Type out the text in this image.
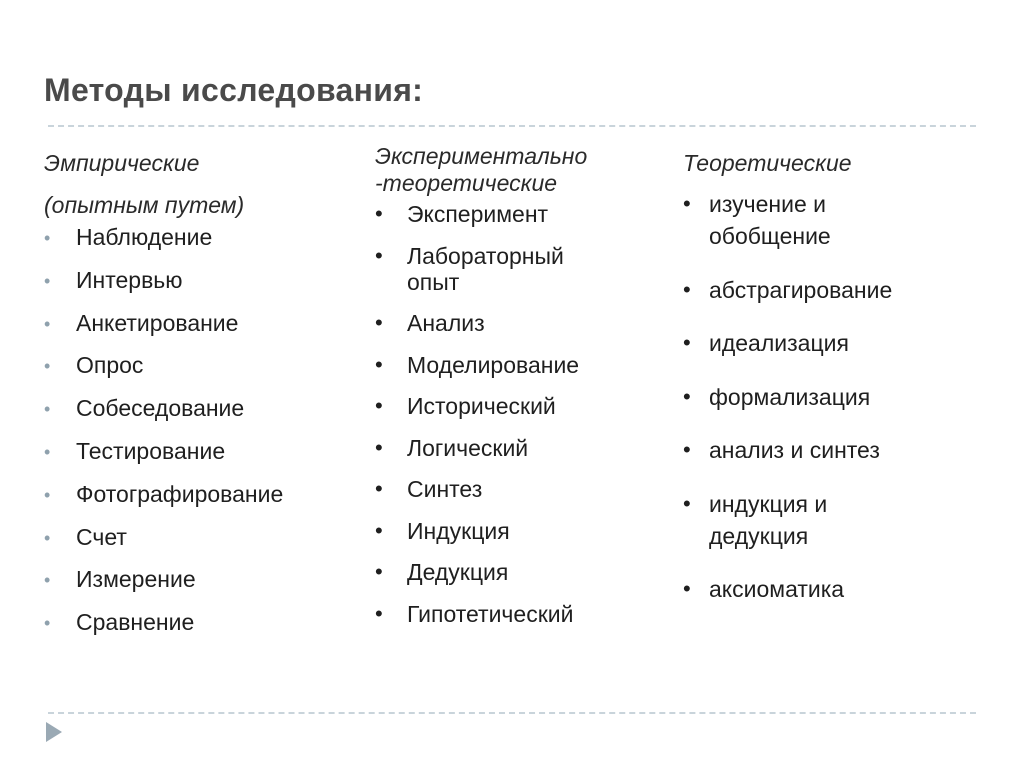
Методы исследования:

Эмпирические
(опытным путем)

• Наблюдение
• Интервью
• Анкетирование
• Опрос
• Собеседование
• Тестирование
• Фотографирование
• Счет
• Измерение
• Сравнение

Экспериментально
-теоретические

• Эксперимент
• Лабораторный опыт
• Анализ
• Моделирование
• Исторический
• Логический
• Синтез
• Индукция
• Дедукция
• Гипотетический

Теоретические

• изучение и обобщение
• абстрагирование
• идеализация
• формализация
• анализ и синтез
• индукция и дедукция
• аксиоматика
